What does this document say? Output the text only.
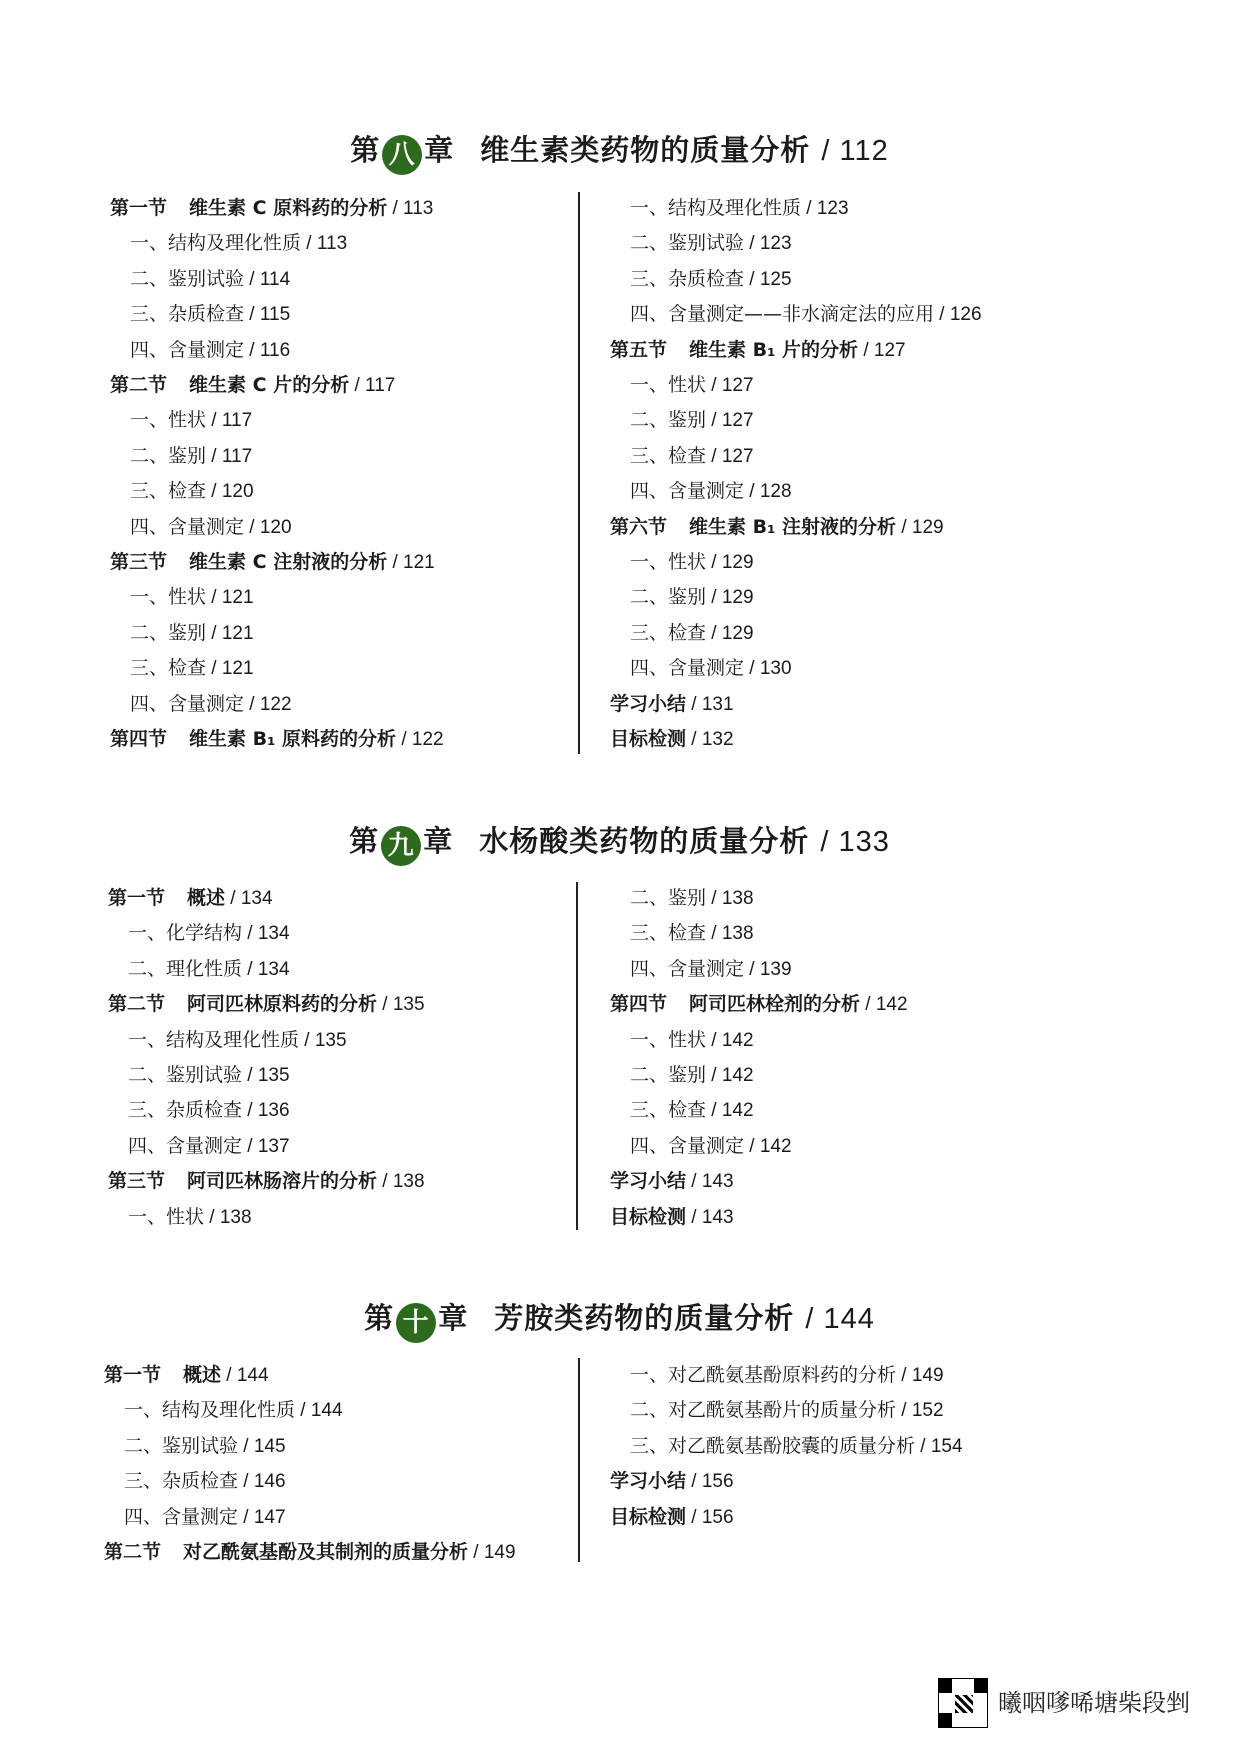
第 八 章 维生素类药物的质量分析 / 112
第一节 维生素 C 原料药的分析 / 113
一、结构及理化性质 / 113
二、鉴别试验 / 114
三、杂质检查 / 115
四、含量测定 / 116
第二节 维生素 C 片的分析 / 117
一、性状 / 117
二、鉴别 / 117
三、检查 / 120
四、含量测定 / 120
第三节 维生素 C 注射液的分析 / 121
一、性状 / 121
二、鉴别 / 121
三、检查 / 121
四、含量测定 / 122
第四节 维生素 B₁ 原料药的分析 / 122
一、结构及理化性质 / 123
二、鉴别试验 / 123
三、杂质检查 / 125
四、含量测定——非水滴定法的应用 / 126
第五节 维生素 B₁ 片的分析 / 127
一、性状 / 127
二、鉴别 / 127
三、检查 / 127
四、含量测定 / 128
第六节 维生素 B₁ 注射液的分析 / 129
一、性状 / 129
二、鉴别 / 129
三、检查 / 129
四、含量测定 / 130
学习小结 / 131
目标检测 / 132
第 九 章 水杨酸类药物的质量分析 / 133
第一节 概述 / 134
一、化学结构 / 134
二、理化性质 / 134
第二节 阿司匹林原料药的分析 / 135
一、结构及理化性质 / 135
二、鉴别试验 / 135
三、杂质检查 / 136
四、含量测定 / 137
第三节 阿司匹林肠溶片的分析 / 138
一、性状 / 138
二、鉴别 / 138
三、检查 / 138
四、含量测定 / 139
第四节 阿司匹林栓剂的分析 / 142
一、性状 / 142
二、鉴别 / 142
三、检查 / 142
四、含量测定 / 142
学习小结 / 143
目标检测 / 143
第 十 章 芳胺类药物的质量分析 / 144
第一节 概述 / 144
一、结构及理化性质 / 144
二、鉴别试验 / 145
三、杂质检查 / 146
四、含量测定 / 147
第二节 对乙酰氨基酚及其制剂的质量分析 / 149
一、对乙酰氨基酚原料药的分析 / 149
二、对乙酰氨基酚片的质量分析 / 152
三、对乙酰氨基酚胶囊的质量分析 / 154
学习小结 / 156
目标检测 / 156
曦咽嗲唏塘柴段剉
